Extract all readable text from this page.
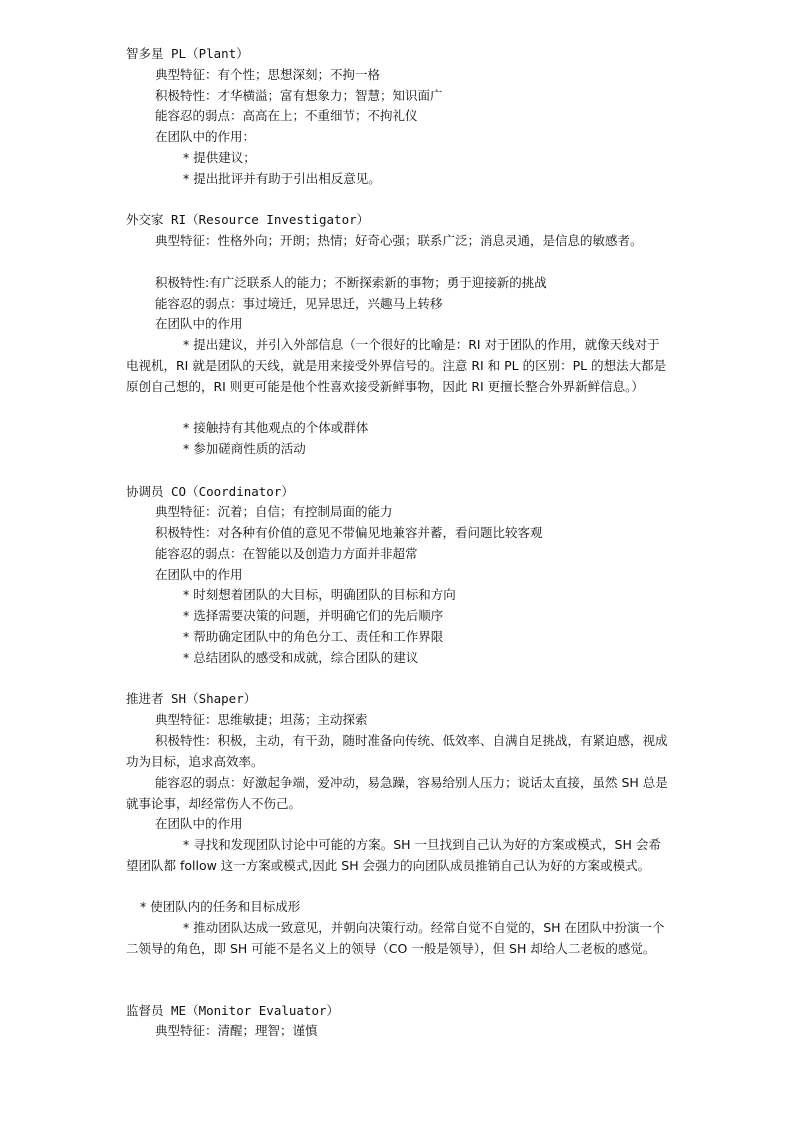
智多星 PL（Plant）
典型特征：有个性；思想深刻；不拘一格
积极特性：才华横溢；富有想象力；智慧；知识面广
能容忍的弱点：高高在上；不重细节；不拘礼仪
在团队中的作用：
* 提供建议；
* 提出批评并有助于引出相反意见。
外交家 RI（Resource Investigator）
典型特征：性格外向；开朗；热情；好奇心强；联系广泛；消息灵通，是信息的敏感者。
积极特性:有广泛联系人的能力；不断探索新的事物；勇于迎接新的挑战
能容忍的弱点：事过境迁，见异思迁，兴趣马上转移
在团队中的作用
* 提出建议，并引入外部信息（一个很好的比喻是：RI 对于团队的作用，就像天线对于电视机，RI 就是团队的天线，就是用来接受外界信号的。注意 RI 和 PL 的区别：PL 的想法大都是原创自己想的，RI 则更可能是他个性喜欢接受新鲜事物，因此 RI 更擅长整合外界新鲜信息。）
* 接触持有其他观点的个体或群体
* 参加磋商性质的活动
协调员 CO（Coordinator）
典型特征：沉着；自信；有控制局面的能力
积极特性：对各种有价值的意见不带偏见地兼容并蓄，看问题比较客观
能容忍的弱点：在智能以及创造力方面并非超常
在团队中的作用
* 时刻想着团队的大目标，明确团队的目标和方向
* 选择需要决策的问题，并明确它们的先后顺序
* 帮助确定团队中的角色分工、责任和工作界限
* 总结团队的感受和成就，综合团队的建议
推进者 SH（Shaper）
典型特征：思维敏捷；坦荡；主动探索
积极特性：积极，主动，有干劲，随时准备向传统、低效率、自满自足挑战，有紧迫感，视成功为目标，追求高效率。
能容忍的弱点：好激起争端，爱冲动，易急躁，容易给别人压力；说话太直接，虽然 SH 总是就事论事，却经常伤人不伤己。
在团队中的作用
* 寻找和发现团队讨论中可能的方案。SH 一旦找到自己认为好的方案或模式，SH 会希望团队都 follow 这一方案或模式,因此 SH 会强力的向团队成员推销自己认为好的方案或模式。
* 使团队内的任务和目标成形
* 推动团队达成一致意见，并朝向决策行动。经常自觉不自觉的，SH 在团队中扮演一个二领导的角色，即 SH 可能不是名义上的领导（CO 一般是领导），但 SH 却给人二老板的感觉。
监督员 ME（Monitor Evaluator）
典型特征：清醒；理智；谨慎
